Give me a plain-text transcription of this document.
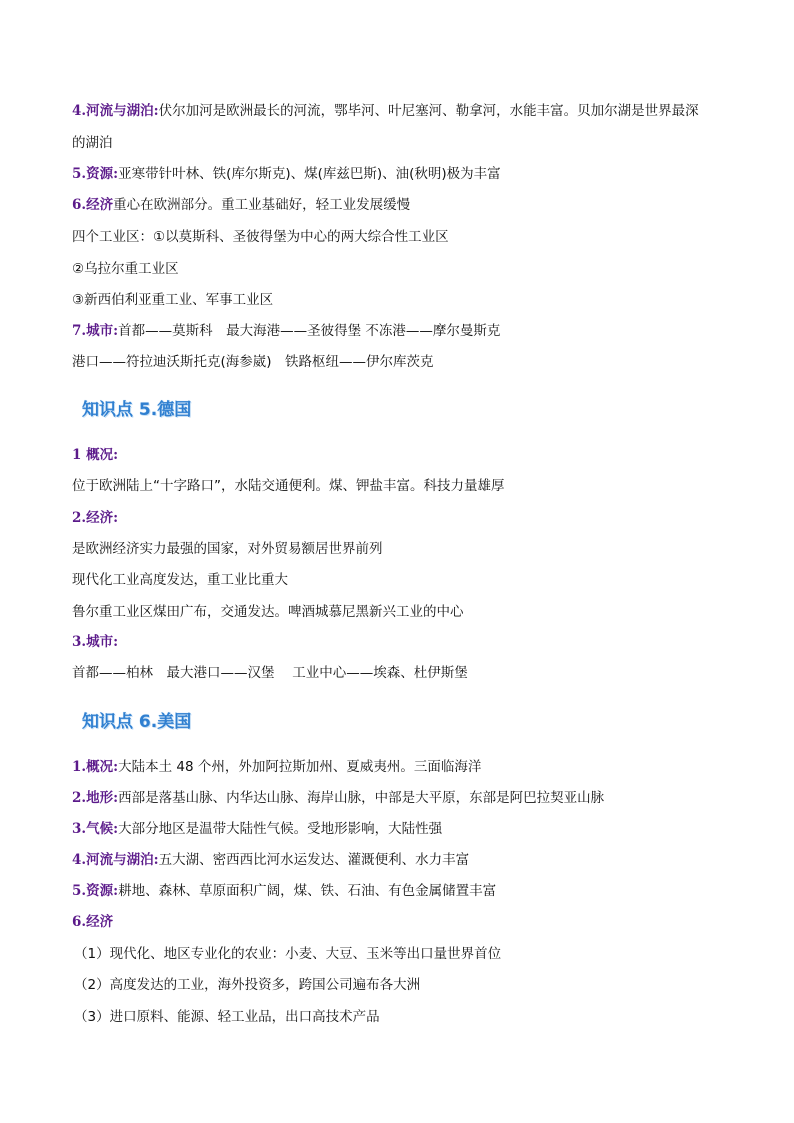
4.河流与湖泊:伏尔加河是欧洲最长的河流，鄂毕河、叶尼塞河、勒拿河，水能丰富。贝加尔湖是世界最深
的湖泊
5.资源:亚寒带针叶林、铁(库尔斯克)、煤(库兹巴斯)、油(秋明)极为丰富
6.经济重心在欧洲部分。重工业基础好，轻工业发展缓慢
四个工业区：①以莫斯科、圣彼得堡为中心的两大综合性工业区
②乌拉尔重工业区
③新西伯利亚重工业、军事工业区
7.城市:首都——莫斯科　最大海港——圣彼得堡 不冻港——摩尔曼斯克
港口——符拉迪沃斯托克(海参崴)　铁路枢纽——伊尔库茨克
知识点 5.德国
1 概况:
位于欧洲陆上“十字路口”，水陆交通便利。煤、钾盐丰富。科技力量雄厚
2.经济:
是欧洲经济实力最强的国家，对外贸易额居世界前列
现代化工业高度发达，重工业比重大
鲁尔重工业区煤田广布，交通发达。啤酒城慕尼黑新兴工业的中心
3.城市:
首都——柏林　最大港口——汉堡　 工业中心——埃森、杜伊斯堡
知识点 6.美国
1.概况:大陆本土 48 个州，外加阿拉斯加州、夏威夷州。三面临海洋
2.地形:西部是落基山脉、内华达山脉、海岸山脉，中部是大平原，东部是阿巴拉契亚山脉
3.气候:大部分地区是温带大陆性气候。受地形影响，大陆性强
4.河流与湖泊:五大湖、密西西比河水运发达、灌溉便利、水力丰富
5.资源:耕地、森林、草原面积广阔，煤、铁、石油、有色金属储置丰富
6.经济
（1）现代化、地区专业化的农业：小麦、大豆、玉米等出口量世界首位
（2）高度发达的工业，海外投资多，跨国公司遍布各大洲
（3）进口原料、能源、轻工业品，出口高技术产品
